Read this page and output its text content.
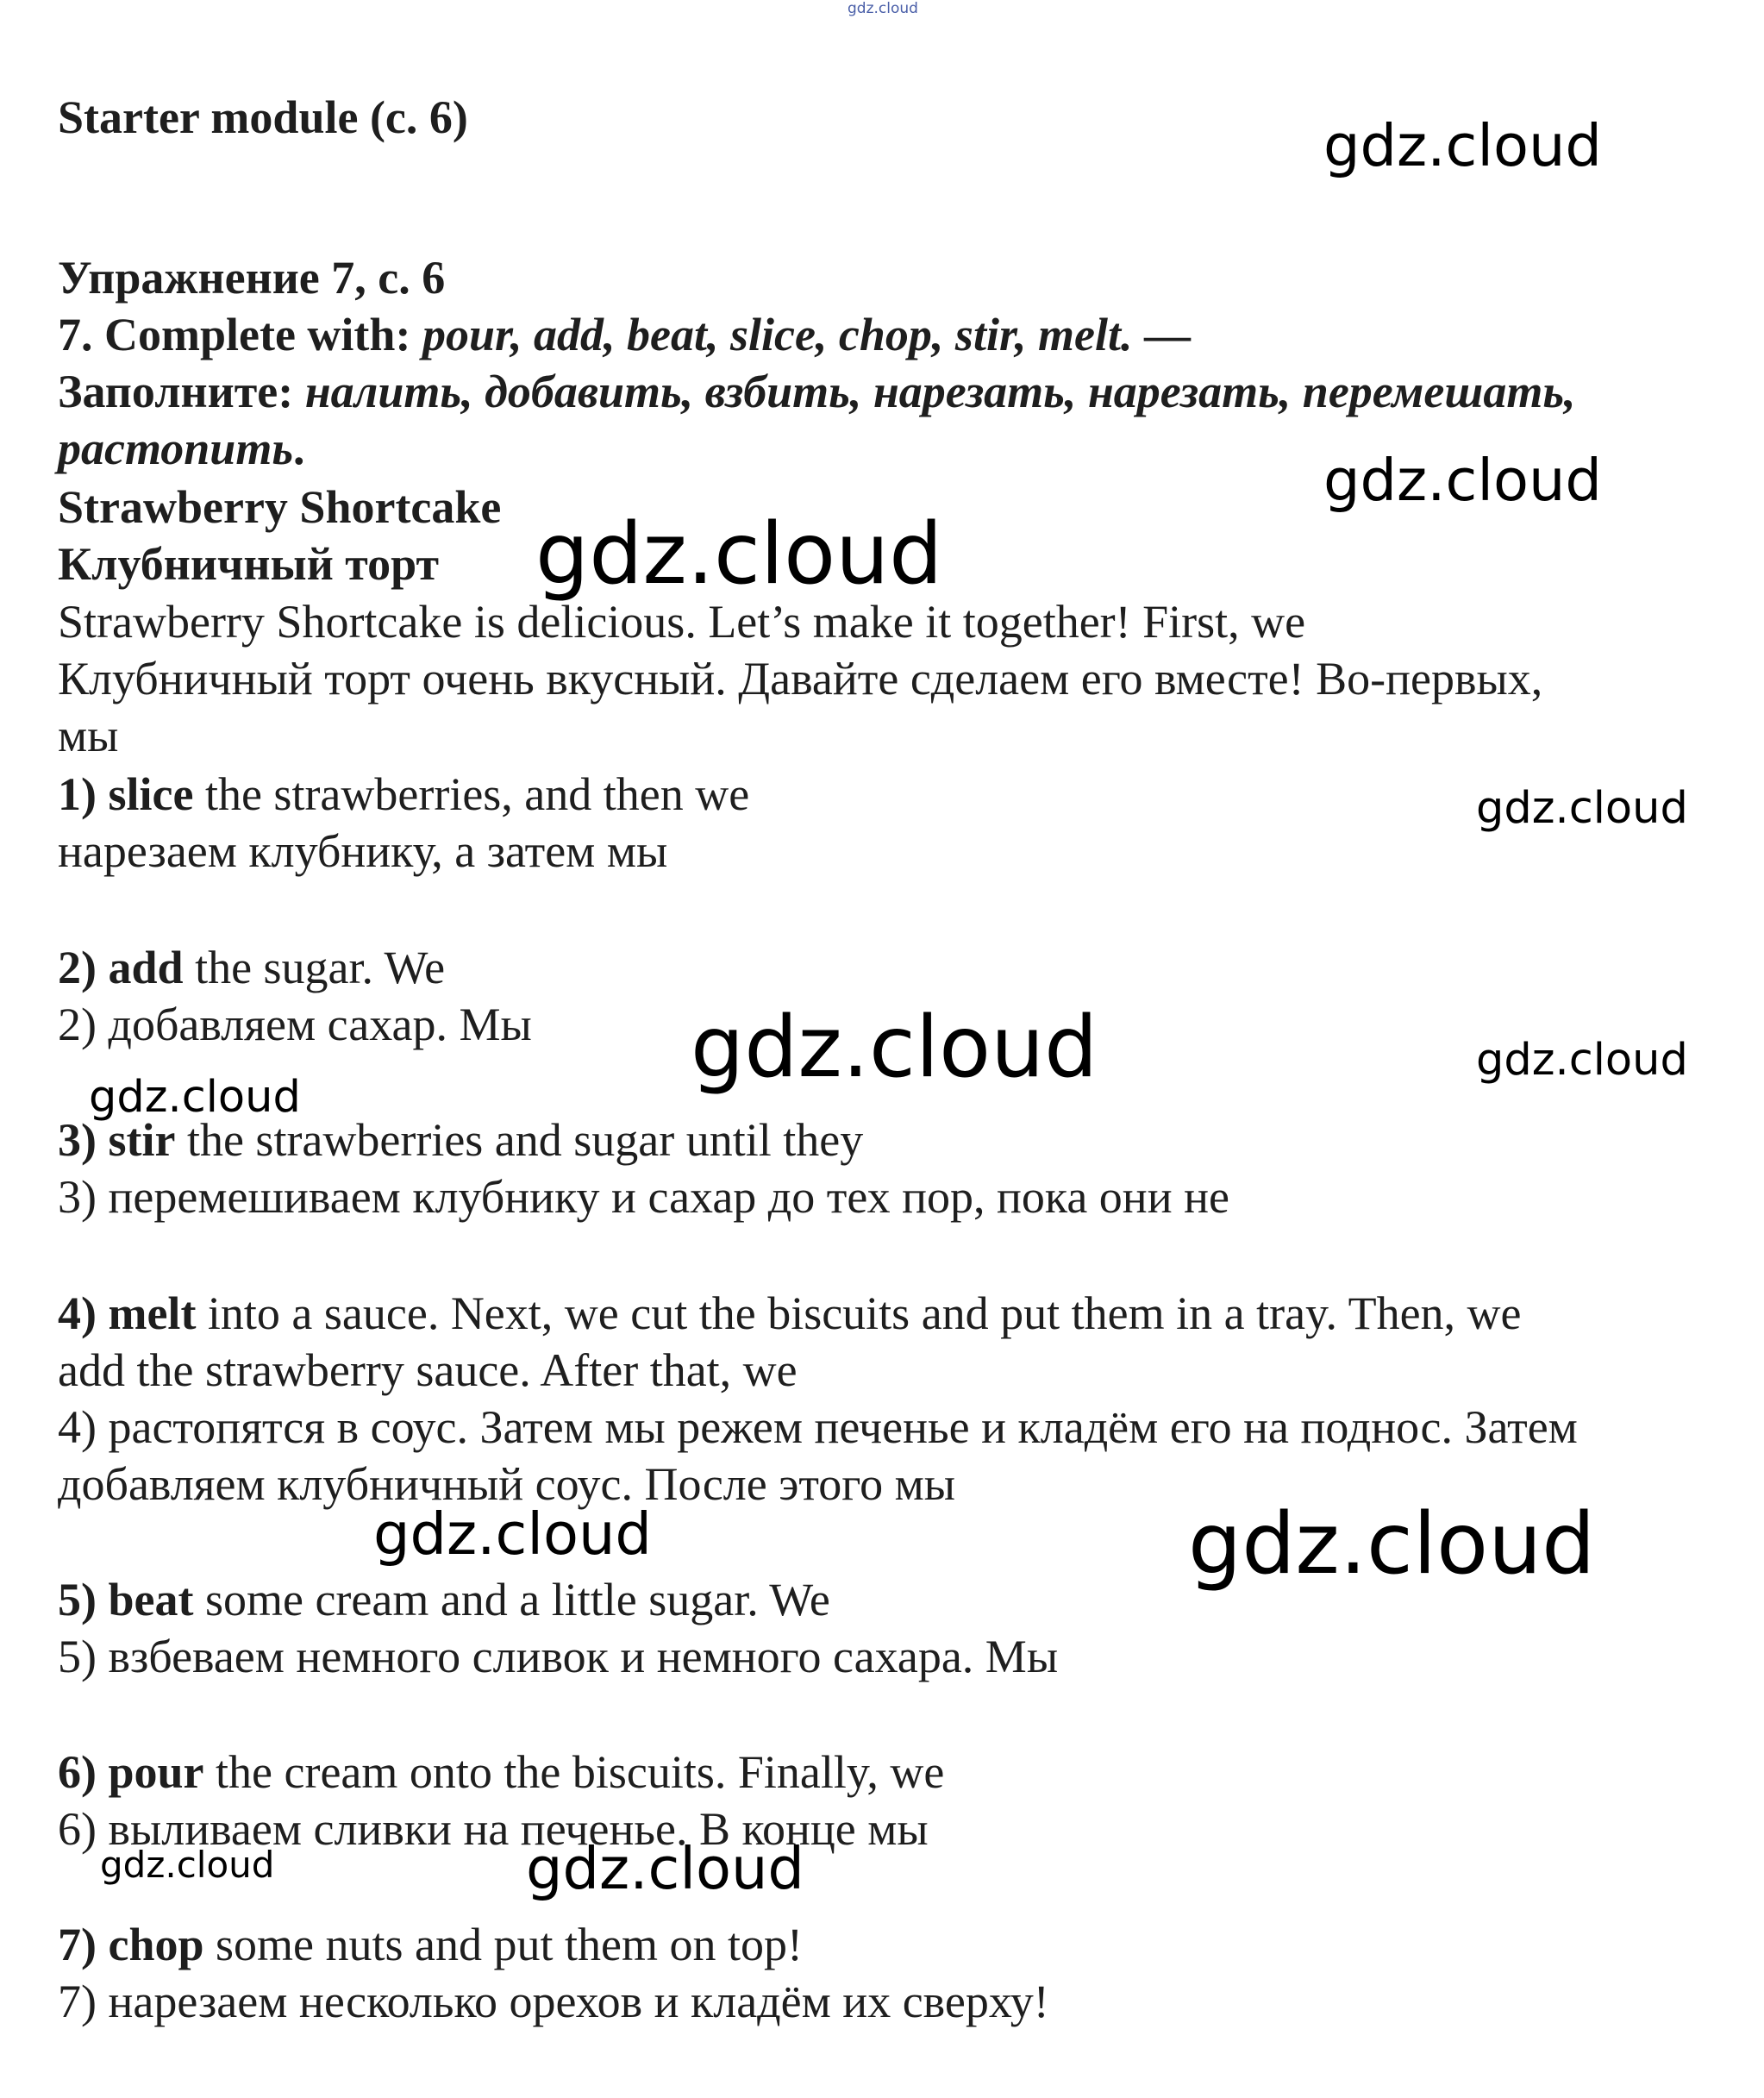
gdz.cloud

Starter module (с. 6)

Упражнение 7, с. 6

7. Complete with: pour, add, beat, slice, chop, stir, melt. —

Заполните: налить, добавить, взбить, нарезать, нарезать, перемешать,

растопить.

Strawberry Shortcake

Клубничный торт

Strawberry Shortcake is delicious. Let’s make it together! First, we

Клубничный торт очень вкусный. Давайте сделаем его вместе! Во-первых,

мы

1) slice the strawberries, and then we

нарезаем клубнику, а затем мы

2) add the sugar. We

2) добавляем сахар. Мы

3) stir the strawberries and sugar until they

3) перемешиваем клубнику и сахар до тех пор, пока они не

4) melt into a sauce. Next, we cut the biscuits and put them in a tray. Then, we

add the strawberry sauce. After that, we

4) растопятся в соус. Затем мы режем печенье и кладём его на поднос. Затем

добавляем клубничный соус. После этого мы

5) beat some cream and a little sugar. We

5) взбеваем немного сливок и немного сахара. Мы

6) pour the cream onto the biscuits. Finally, we

6) выливаем сливки на печенье. В конце мы

7) chop some nuts and put them on top!

7) нарезаем несколько орехов и кладём их сверху!

gdz.cloud
gdz.cloud
gdz.cloud
gdz.cloud
gdz.cloud	gdz.cloud
gdz.cloud
gdz.cloud	gdz.cloud
gdz.cloud	gdz.cloud
